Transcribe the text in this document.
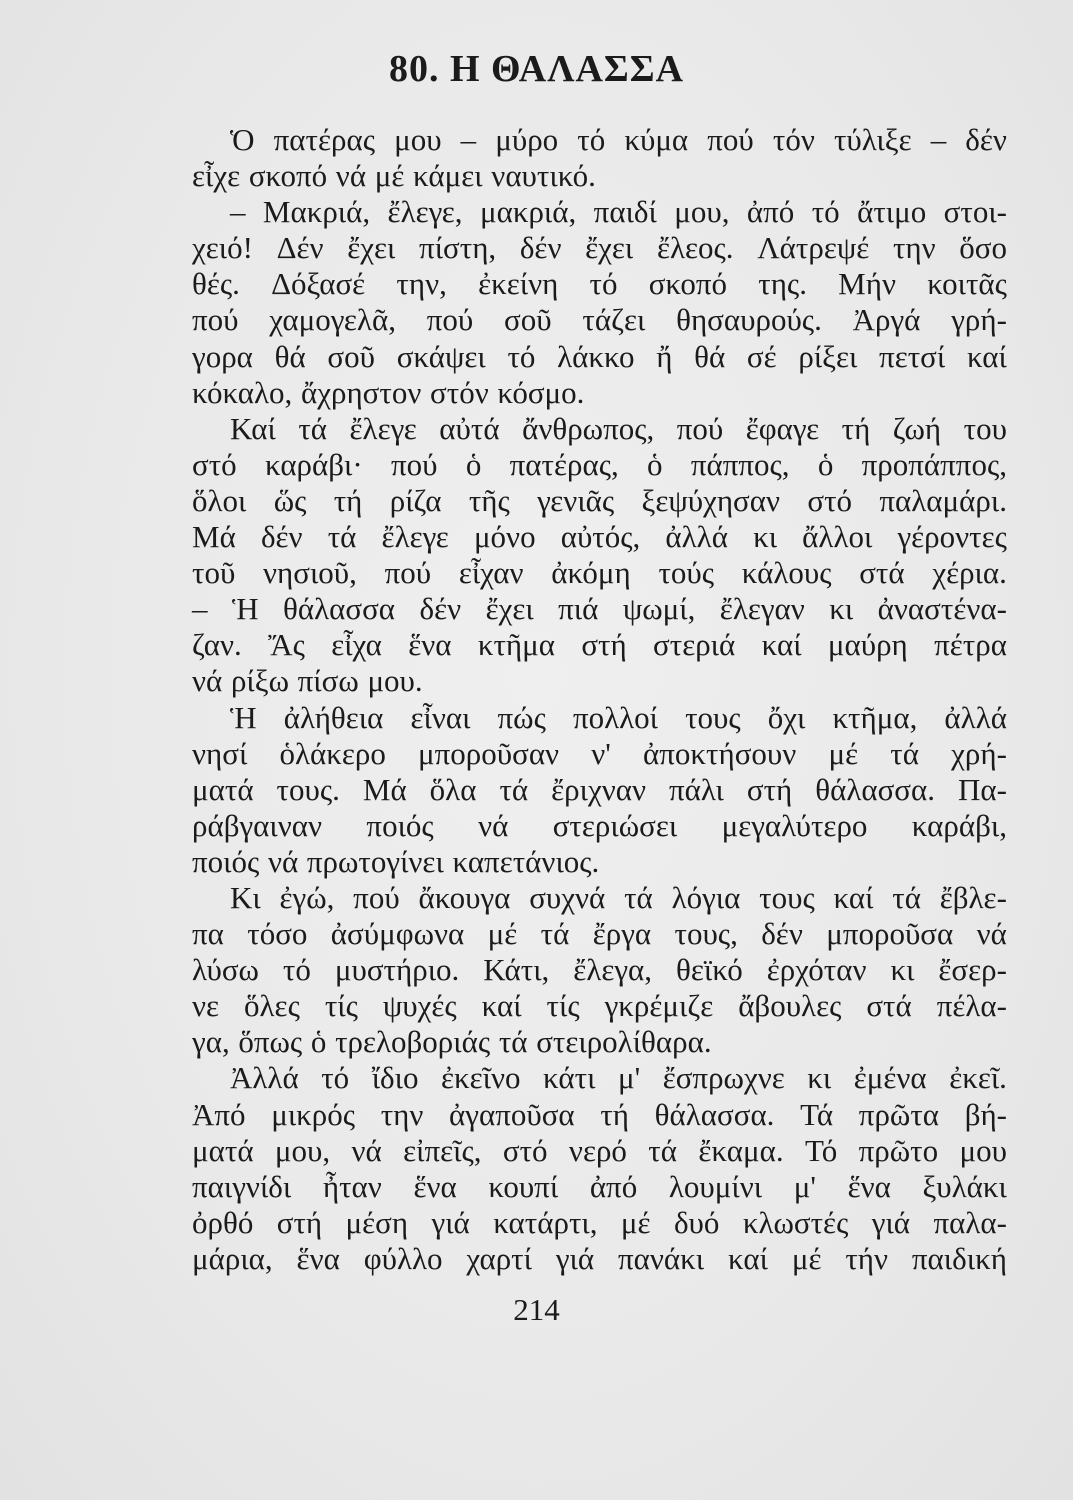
80. Η ΘΑΛΑΣΣΑ
Ὁ πατέρας μου – μύρο τό κύμα πού τόν τύλιξε – δέν
εἶχε σκοπό νά μέ κάμει ναυτικό.
– Μακριά, ἔλεγε, μακριά, παιδί μου, ἀπό τό ἄτιμο στοι-
χειό! Δέν ἔχει πίστη, δέν ἔχει ἔλεος. Λάτρεψέ την ὅσο
θές. Δόξασέ την, ἐκείνη τό σκοπό της. Μήν κοιτᾶς
πού χαμογελᾶ, πού σοῦ τάζει θησαυρούς. Ἀργά γρή-
γορα θά σοῦ σκάψει τό λάκκο ἤ θά σέ ρίξει πετσί καί
κόκαλο, ἄχρηστον στόν κόσμο.
Καί τά ἔλεγε αὐτά ἄνθρωπος, πού ἔφαγε τή ζωή του
στό καράβι· πού ὁ πατέρας, ὁ πάππος, ὁ προπάππος,
ὅλοι ὥς τή ρίζα τῆς γενιᾶς ξεψύχησαν στό παλαμάρι.
Μά δέν τά ἔλεγε μόνο αὐτός, ἀλλά κι ἄλλοι γέροντες
τοῦ νησιοῦ, πού εἶχαν ἀκόμη τούς κάλους στά χέρια.
– Ἡ θάλασσα δέν ἔχει πιά ψωμί, ἔλεγαν κι ἀναστένα-
ζαν. Ἄς εἶχα ἕνα κτῆμα στή στεριά καί μαύρη πέτρα
νά ρίξω πίσω μου.
Ἡ ἀλήθεια εἶναι πώς πολλοί τους ὄχι κτῆμα, ἀλλά
νησί ὁλάκερο μποροῦσαν ν' ἀποκτήσουν μέ τά χρή-
ματά τους. Μά ὅλα τά ἔριχναν πάλι στή θάλασσα. Πα-
ράβγαιναν ποιός νά στεριώσει μεγαλύτερο καράβι,
ποιός νά πρωτογίνει καπετάνιος.
Κι ἐγώ, πού ἄκουγα συχνά τά λόγια τους καί τά ἔβλε-
πα τόσο ἀσύμφωνα μέ τά ἔργα τους, δέν μποροῦσα νά
λύσω τό μυστήριο. Κάτι, ἔλεγα, θεϊκό ἐρχόταν κι ἔσερ-
νε ὅλες τίς ψυχές καί τίς γκρέμιζε ἄβουλες στά πέλα-
γα, ὅπως ὁ τρελοβοριάς τά στειρολίθαρα.
Ἀλλά τό ἴδιο ἐκεῖνο κάτι μ' ἔσπρωχνε κι ἐμένα ἐκεῖ.
Ἀπό μικρός την ἀγαποῦσα τή θάλασσα. Τά πρῶτα βή-
ματά μου, νά εἰπεῖς, στό νερό τά ἔκαμα. Τό πρῶτο μου
παιγνίδι ἦταν ἕνα κουπί ἀπό λουμίνι μ' ἕνα ξυλάκι
ὀρθό στή μέση γιά κατάρτι, μέ δυό κλωστές γιά παλα-
μάρια, ἕνα φύλλο χαρτί γιά πανάκι καί μέ τήν παιδική
214
